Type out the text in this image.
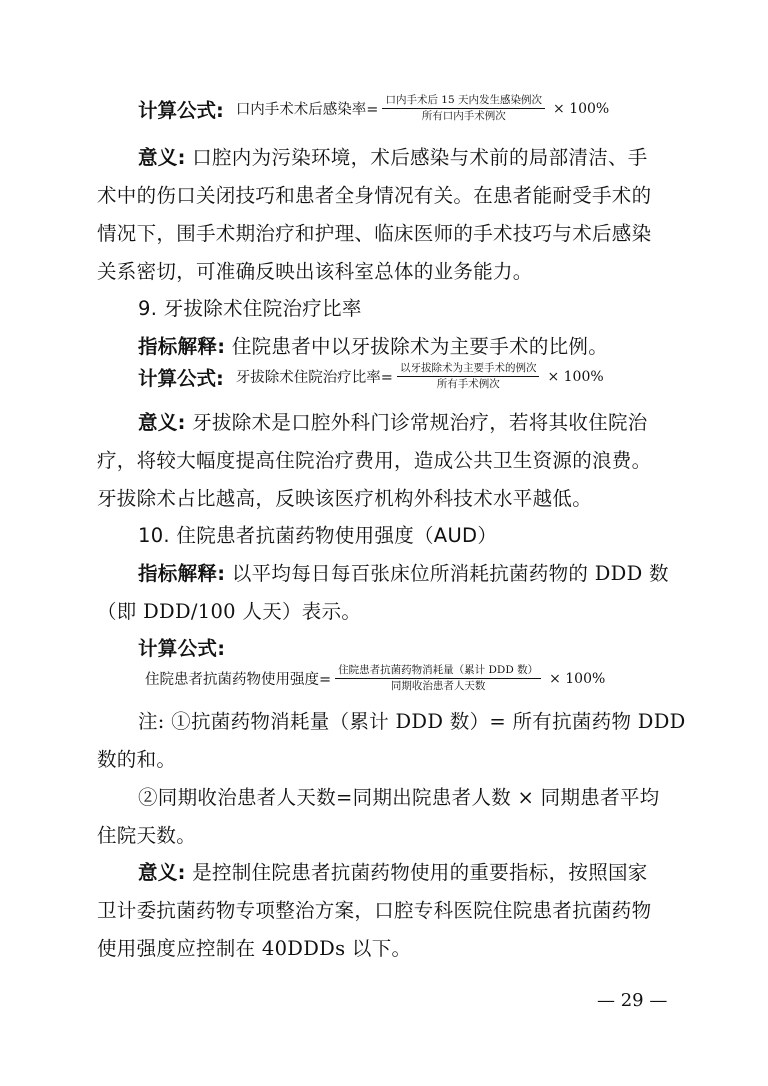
计算公式: 口内手术术后感染率= $\frac{\text{口内手术后 15 天内发生感染例次}}{\text{所有口内手术例次}} \times 100\%$
意义: 口腔内为污染环境，术后感染与术前的局部清洁、手
术中的伤口关闭技巧和患者全身情况有关。在患者能耐受手术的
情况下，围手术期治疗和护理、临床医师的手术技巧与术后感染
关系密切，可准确反映出该科室总体的业务能力。
9. 牙拔除术住院治疗比率
指标解释: 住院患者中以牙拔除术为主要手术的比例。
计算公式: 牙拔除术住院治疗比率= $\frac{\text{以牙拔除术为主要手术的例次}}{\text{所有手术例次}} \times 100\%$
意义: 牙拔除术是口腔外科门诊常规治疗，若将其收住院治
疗，将较大幅度提高住院治疗费用，造成公共卫生资源的浪费。
牙拔除术占比越高，反映该医疗机构外科技术水平越低。
10. 住院患者抗菌药物使用强度（AUD）
指标解释: 以平均每日每百张床位所消耗抗菌药物的 DDD 数
（即 DDD/100 人天）表示。
计算公式:
住院患者抗菌药物使用强度= $\frac{\text{住院患者抗菌药物消耗量（累计 DDD 数）}}{\text{同期收治患者人天数}} \times 100\%$
注: ①抗菌药物消耗量（累计 DDD 数）= 所有抗菌药物 DDD
数的和。
②同期收治患者人天数=同期出院患者人数 × 同期患者平均
住院天数。
意义: 是控制住院患者抗菌药物使用的重要指标，按照国家
卫计委抗菌药物专项整治方案，口腔专科医院住院患者抗菌药物
使用强度应控制在 40DDDs 以下。
— 29 —
